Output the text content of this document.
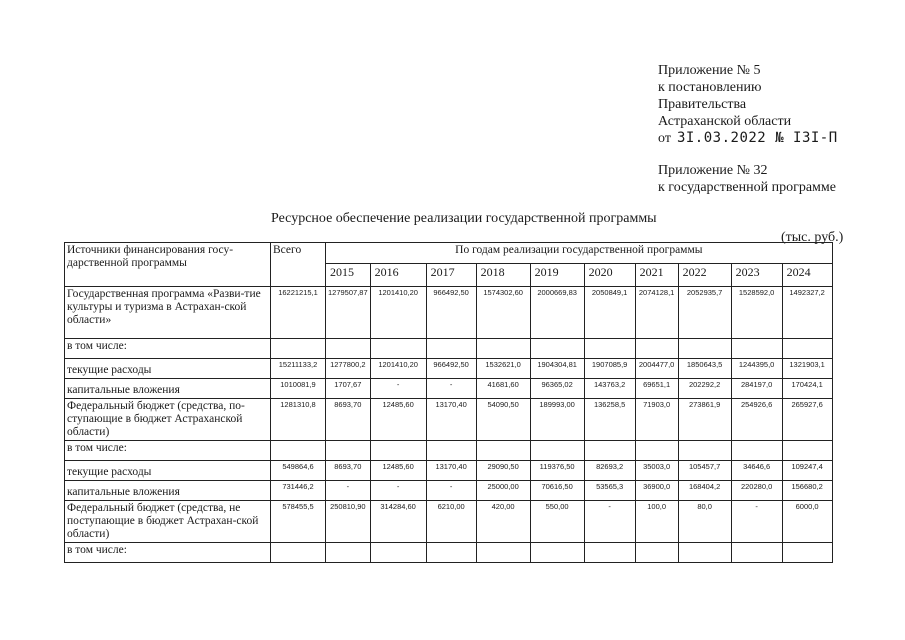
Приложение № 5
к постановлению
Правительства
Астраханской области
от 3I.03.2022 № I3I-П
Приложение № 32
к государственной программе
Ресурсное обеспечение реализации государственной программы
(тыс. руб.)
Источники финансирования госу-дарственной программы	Всего	По годам реализации государственной программы									
		2015	2016	2017	2018	2019	2020	2021	2022	2023	2024
Государственная программа «Разви-тие культуры и туризма в Астрахан-ской области»	16221215,1	1279507,87	1201410,20	966492,50	1574302,60	2000669,83	2050849,1	2074128,1	2052935,7	1528592,0	1492327,2
в том числе:											
текущие расходы	15211133,2	1277800,2	1201410,20	966492,50	1532621,0	1904304,81	1907085,9	2004477,0	1850643,5	1244395,0	1321903,1
капитальные вложения	1010081,9	1707,67	-	-	41681,60	96365,02	143763,2	69651,1	202292,2	284197,0	170424,1
Федеральный бюджет (средства, по-ступающие в бюджет Астраханской области)	1281310,8	8693,70	12485,60	13170,40	54090,50	189993,00	136258,5	71903,0	273861,9	254926,6	265927,6
в том числе:											
текущие расходы	549864,6	8693,70	12485,60	13170,40	29090,50	119376,50	82693,2	35003,0	105457,7	34646,6	109247,4
капитальные вложения	731446,2	-	-	-	25000,00	70616,50	53565,3	36900,0	168404,2	220280,0	156680,2
Федеральный бюджет (средства, не поступающие в бюджет Астрахан-ской области)	578455,5	250810,90	314284,60	6210,00	420,00	550,00	-	100,0	80,0	-	6000,0
в том числе:											
